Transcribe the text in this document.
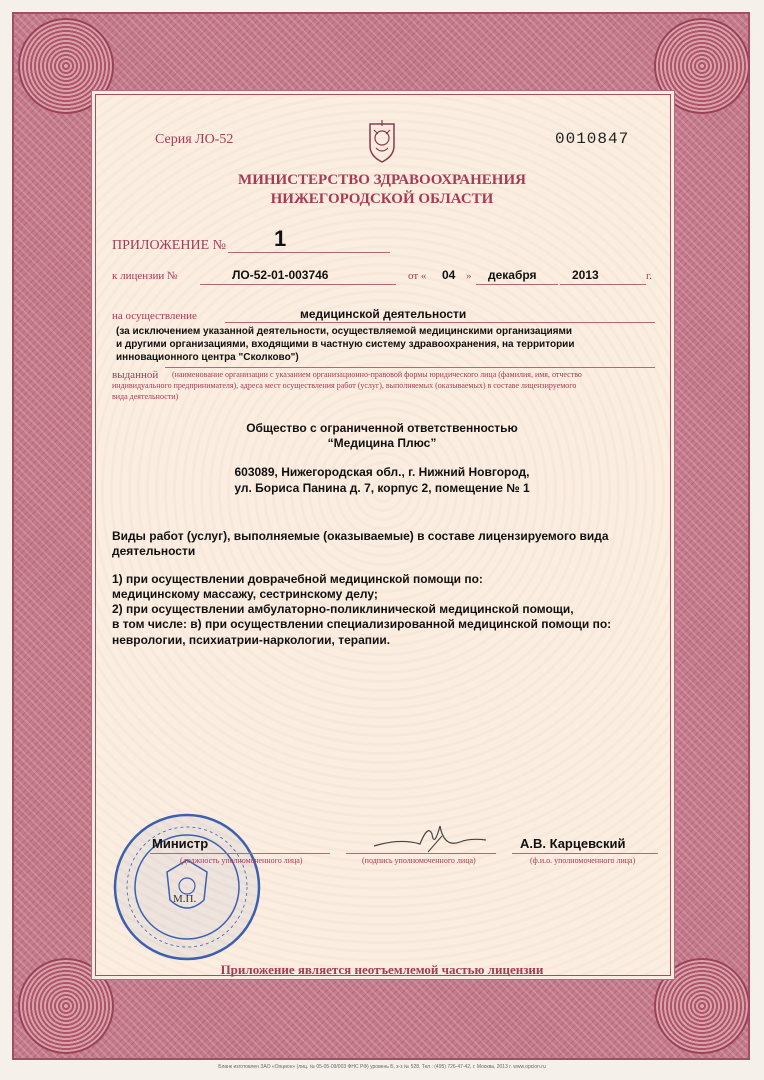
Серия ЛО-52	0010847
МИНИСТЕРСТВО ЗДРАВООХРАНЕНИЯ
НИЖЕГОРОДСКОЙ ОБЛАСТИ
ПРИЛОЖЕНИЕ № 1
к лицензии №	ЛО-52-01-003746	от « 04 » декабря	2013	г.
на осуществление	медицинской деятельности
(за исключением указанной деятельности, осуществляемой медицинскими организациями
и другими организациями, входящими в частную систему здравоохранения, на территории
инновационного центра "Сколково")
выданной (наименование организации с указанием организационно-правовой формы юридического лица (фамилия, имя, отчество
индивидуального предпринимателя), адреса мест осуществления работ (услуг), выполняемых (оказываемых) в составе лицензируемого
вида деятельности)
Общество с ограниченной ответственностью
“Медицина Плюс”
603089, Нижегородская обл., г. Нижний Новгород,
ул. Бориса Панина д. 7, корпус 2, помещение № 1
Виды работ (услуг), выполняемые (оказываемые) в составе лицензируемого вида
деятельности
1) при осуществлении доврачебной медицинской помощи по:
медицинскому массажу, сестринскому делу;
2) при осуществлении амбулаторно-поликлинической медицинской помощи,
в том числе: в) при осуществлении специализированной медицинской помощи по:
неврологии, психиатрии-наркологии, терапии.
М.П.
Министр
(должность уполномоченного лица)	(подпись уполномоченного лица)
А.В. Карцевский
(ф.и.о. уполномоченного лица)
Приложение является неотъемлемой частью лицензии
Бланк изготовлен ЗАО «Опцион» (лиц. № 05-05-09/003 ФНС РФ) уровень Б, з-з № 528. Тел.: (495) 726-47-42, г. Москва, 2013 г. www.opcion.ru
